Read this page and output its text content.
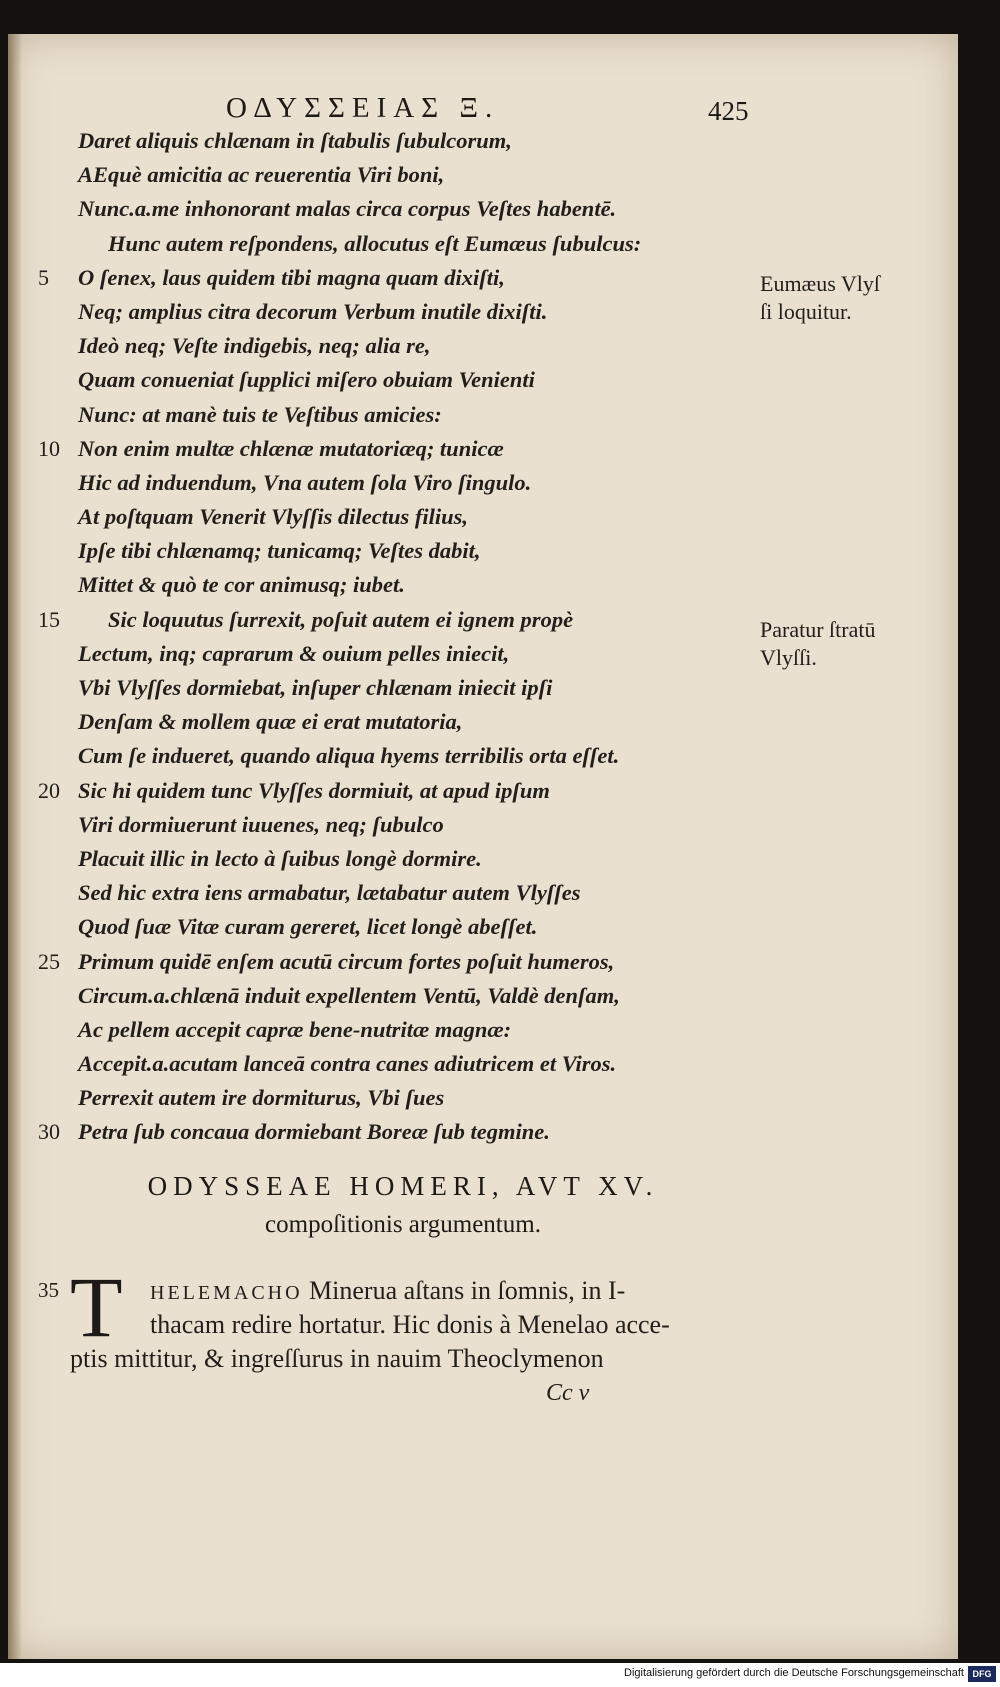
ΟΔΥΣΣΕΙΑΣ Ξ.	425
Daret aliquis chlænam in ſtabulis ſubulcorum,
AEquè amicitia ac reuerentia Viri boni,
Nunc.a.me inhonorant malas circa corpus Veſtes habentē.
Hunc autem reſpondens, allocutus eſt Eumæus ſubulcus:
5	O ſenex, laus quidem tibi magna quam dixiſti,
Neq; amplius citra decorum Verbum inutile dixiſti.
Ideò neq; Veſte indigebis, neq; alia re,
Quam conueniat ſupplici miſero obuiam Venienti
Nunc: at manè tuis te Veſtibus amicies:
10 Non enim multæ chlænæ mutatoriæq; tunicæ
Hic ad induendum, Vna autem ſola Viro ſingulo.
At poſtquam Venerit Vlyſſis dilectus filius,
Ipſe tibi chlænamq; tunicamq; Veſtes dabit,
Mittet & quò te cor animusq; iubet.
15	Sic loquutus ſurrexit, poſuit autem ei ignem propè
Lectum, inq; caprarum & ouium pelles iniecit,
Vbi Vlyſſes dormiebat, inſuper chlænam iniecit ipſi
Denſam & mollem quæ ei erat mutatoria,
Cum ſe indueret, quando aliqua hyems terribilis orta eſſet.
20 Sic hi quidem tunc Vlyſſes dormiuit, at apud ipſum
Viri dormiuerunt iuuenes, neq; ſubulco
Placuit illic in lecto à ſuibus longè dormire.
Sed hic extra iens armabatur, lætabatur autem Vlyſſes
Quod ſuæ Vitæ curam gereret, licet longè abeſſet.
25 Primum quidē enſem acutū circum fortes poſuit humeros,
Circum.a.chlænā induit expellentem Ventū, Valdè denſam,
Ac pellem accepit capræ bene-nutritæ magnæ:
Accepit.a.acutam lanceā contra canes adiutricem et Viros.
Perrexit autem ire dormiturus, Vbi ſues
30 Petra ſub concaua dormiebant Boreæ ſub tegmine.
Eumæus Vlyſ
ſi loquitur.
Paratur ſtratū
Vlyſſi.
ODYSSEAE HOMERI, AVT XV.
compoſitionis argumentum.
35 T HELEMACHO Minerua aſtans in ſomnis, in I-
thacam redire hortatur. Hic donis à Menelao acce-
ptis mittitur, & ingreſſurus in nauim Theoclymenon
Cc v
Digitalisierung gefördert durch die Deutsche Forschungsgemeinschaft DFG
